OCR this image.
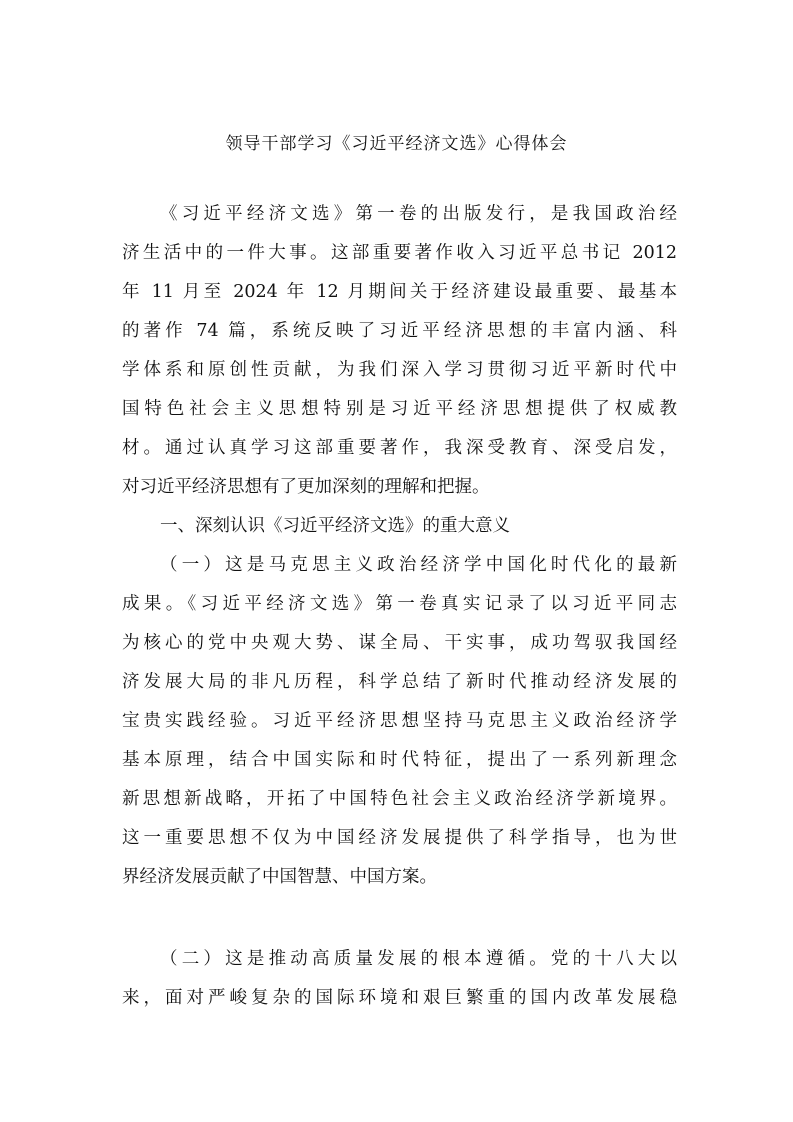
领导干部学习《习近平经济文选》心得体会

《习近平经济文选》第一卷的出版发行，是我国政治经

济生活中的一件大事。这部重要著作收入习近平总书记 2012

年 11 月至 2024 年 12 月期间关于经济建设最重要、最基本

的著作 74 篇，系统反映了习近平经济思想的丰富内涵、科

学体系和原创性贡献，为我们深入学习贯彻习近平新时代中

国特色社会主义思想特别是习近平经济思想提供了权威教

材。通过认真学习这部重要著作，我深受教育、深受启发，

对习近平经济思想有了更加深刻的理解和把握。

一、深刻认识《习近平经济文选》的重大意义

（一）这是马克思主义政治经济学中国化时代化的最新

成果。《习近平经济文选》第一卷真实记录了以习近平同志

为核心的党中央观大势、谋全局、干实事，成功驾驭我国经

济发展大局的非凡历程，科学总结了新时代推动经济发展的

宝贵实践经验。习近平经济思想坚持马克思主义政治经济学

基本原理，结合中国实际和时代特征，提出了一系列新理念

新思想新战略，开拓了中国特色社会主义政治经济学新境界。

这一重要思想不仅为中国经济发展提供了科学指导，也为世

界经济发展贡献了中国智慧、中国方案。

（二）这是推动高质量发展的根本遵循。党的十八大以

来，面对严峻复杂的国际环境和艰巨繁重的国内改革发展稳
